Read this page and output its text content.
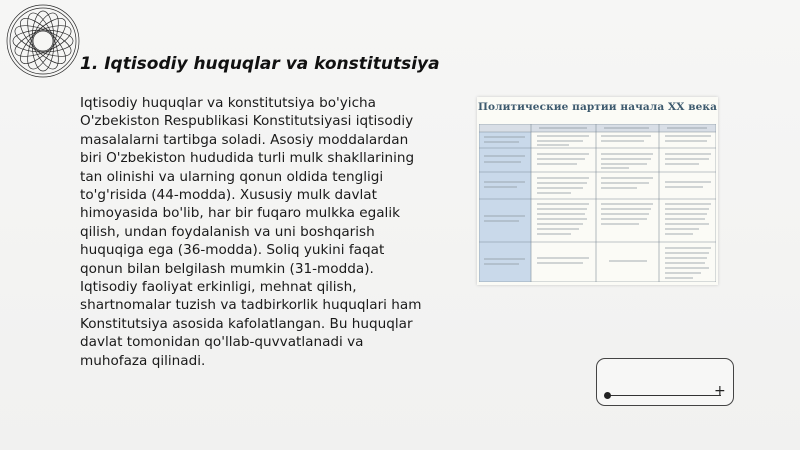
1. Iqtisodiy huquqlar va konstitutsiya

Iqtisodiy huquqlar va konstitutsiya bo'yicha O'zbekiston Respublikasi Konstitutsiyasi iqtisodiy masalalarni tartibga soladi. Asosiy moddalardan biri O'zbekiston hududida turli mulk shakllarining tan olinishi va ularning qonun oldida tengligi to'g'risida (44-modda). Xususiy mulk davlat himoyasida bo'lib, har bir fuqaro mulkka egalik qilish, undan foydalanish va uni boshqarish huquqiga ega (36-modda). Soliq yukini faqat qonun bilan belgilash mumkin (31-modda). Iqtisodiy faoliyat erkinligi, mehnat qilish, shartnomalar tuzish va tadbirkorlik huquqlari ham Konstitutsiya asosida kafolatlangan. Bu huquqlar davlat tomonidan qo'llab-quvvatlanadi va muhofaza qilinadi.

Политические партии начала ХХ века
+
